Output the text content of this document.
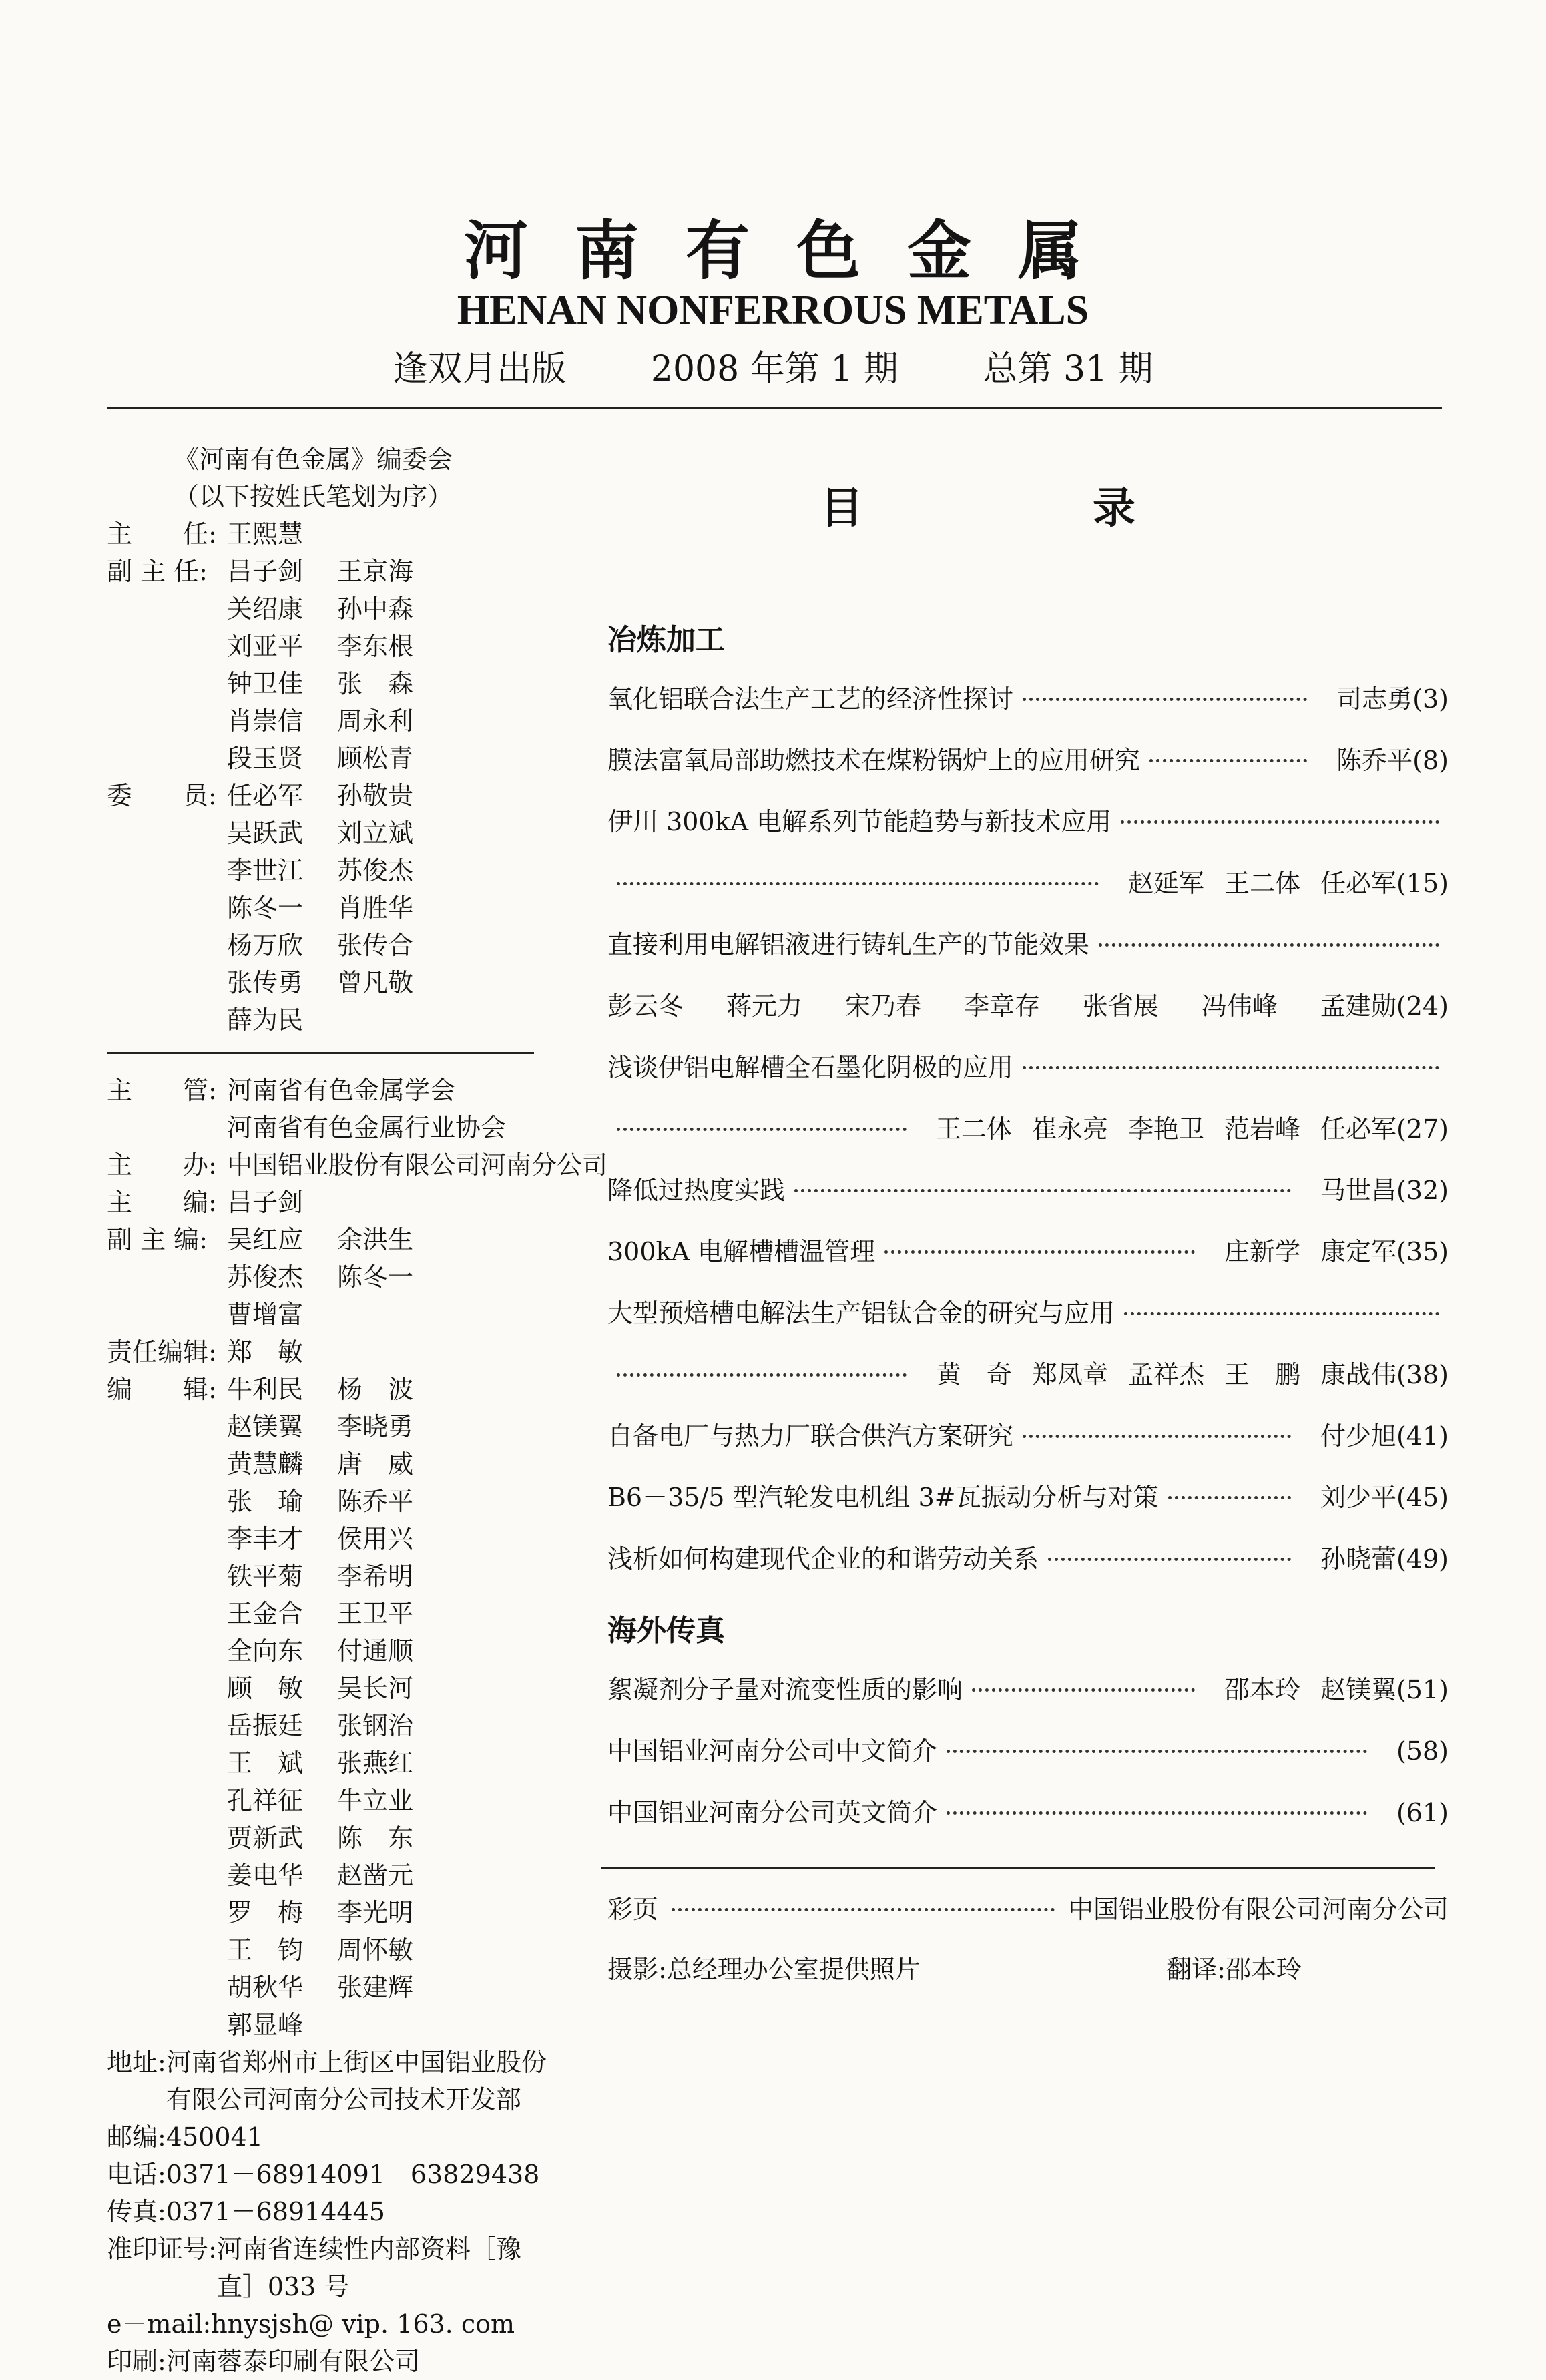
河南有色金属
HENAN NONFERROUS METALS
逢双月出版 2008 年第 1 期 总第 31 期
《河南有色金属》编委会
（以下按姓氏笔划为序）
主　　任: 王熙慧
副 主 任: 吕子剑	王京海
关绍康	孙中森
刘亚平	李东根
钟卫佳	张　森
肖崇信	周永利
段玉贤	顾松青
委　　员: 任必军	孙敬贵
吴跃武	刘立斌
李世江	苏俊杰
陈冬一	肖胜华
杨万欣	张传合
张传勇	曾凡敬
薛为民
主　　管: 河南省有色金属学会
河南省有色金属行业协会
主　　办: 中国铝业股份有限公司河南分公司
主　　编: 吕子剑
副 主 编: 吴红应	余洪生
苏俊杰	陈冬一
曹增富
责任编辑: 郑　敏
编　　辑: 牛利民	杨　波
赵镁翼	李晓勇
黄慧麟	唐　威
张　瑜	陈乔平
李丰才	侯用兴
铁平菊	李希明
王金合	王卫平
全向东	付通顺
顾　敏	吴长河
岳振廷	张钢治
王　斌	张燕红
孔祥征	牛立业
贾新武	陈　东
姜电华	赵凿元
罗　梅	李光明
王　钧	周怀敏
胡秋华	张建辉
郭显峰
地址: 河南省郑州市上街区中国铝业股份有限公司河南分公司技术开发部
邮编: 450041
电话: 0371－68914091　63829438
传真: 0371－68914445
准印证号: 河南省连续性内部资料［豫直］033 号
e－mail: hnysjsh@ vip. 163. com
印刷: 河南蓉泰印刷有限公司
目　录
冶炼加工
氧化铝联合法生产工艺的经济性探讨	司志勇(3)
膜法富氧局部助燃技术在煤粉锅炉上的应用研究	陈乔平(8)
伊川 300kA 电解系列节能趋势与新技术应用
赵延军 王二体 任必军(15)
直接利用电解铝液进行铸轧生产的节能效果
彭云冬 蒋元力 宋乃春 李章存 张省展 冯伟峰 孟建勋(24)
浅谈伊铝电解槽全石墨化阴极的应用
王二体 崔永亮 李艳卫 范岩峰 任必军(27)
降低过热度实践	马世昌(32)
300kA 电解槽槽温管理	庄新学 康定军(35)
大型预焙槽电解法生产铝钛合金的研究与应用
黄　奇 郑凤章 孟祥杰 王　鹏 康战伟(38)
自备电厂与热力厂联合供汽方案研究	付少旭(41)
B6－35/5 型汽轮发电机组 3#瓦振动分析与对策	刘少平(45)
浅析如何构建现代企业的和谐劳动关系	孙晓蕾(49)
海外传真
絮凝剂分子量对流变性质的影响	邵本玲 赵镁翼(51)
中国铝业河南分公司中文简介	(58)
中国铝业河南分公司英文简介	(61)
彩页	中国铝业股份有限公司河南分公司
摄影:总经理办公室提供照片	翻译:邵本玲
